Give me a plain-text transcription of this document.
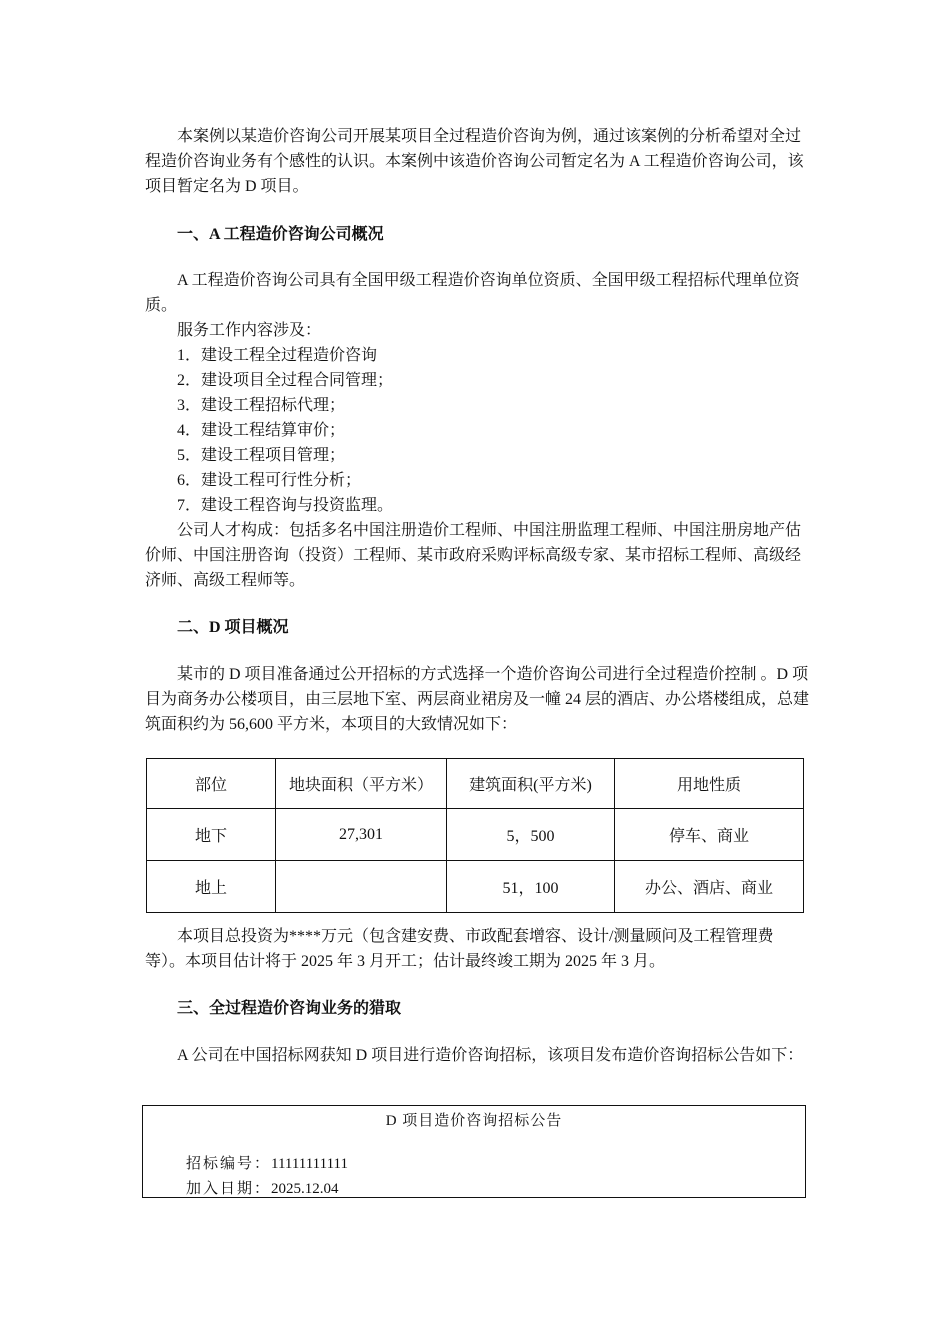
本案例以某造价咨询公司开展某项目全过程造价咨询为例，通过该案例的分析希望对全过程造价咨询业务有个感性的认识。本案例中该造价咨询公司暂定名为 A 工程造价咨询公司，该项目暂定名为 D 项目。

一、A 工程造价咨询公司概况

A 工程造价咨询公司具有全国甲级工程造价咨询单位资质、全国甲级工程招标代理单位资质。

服务工作内容涉及：

1．建设工程全过程造价咨询

2．建设项目全过程合同管理；

3．建设工程招标代理；

4．建设工程结算审价；

5．建设工程项目管理；

6．建设工程可行性分析；

7．建设工程咨询与投资监理。

公司人才构成：包括多名中国注册造价工程师、中国注册监理工程师、中国注册房地产估价师、中国注册咨询（投资）工程师、某市政府采购评标高级专家、某市招标工程师、高级经济师、高级工程师等。

二、D 项目概况

某市的 D 项目准备通过公开招标的方式选择一个造价咨询公司进行全过程造价控制 。D 项目为商务办公楼项目，由三层地下室、两层商业裙房及一幢 24 层的酒店、办公塔楼组成，总建筑面积约为 56,600 平方米，本项目的大致情况如下：

部位	地块面积（平方米）	建筑面积(平方米)	用地性质
地下	27,301	5，500	停车、商业
地上		51，100	办公、酒店、商业

本项目总投资为****万元（包含建安费、市政配套增容、设计/测量顾问及工程管理费等）。本项目估计将于 2025 年 3 月开工；估计最终竣工期为 2025 年 3 月。

三、全过程造价咨询业务的猎取

A 公司在中国招标网获知 D 项目进行造价咨询招标，该项目发布造价咨询招标公告如下：

D 项目造价咨询招标公告
招标编号：11111111111
加入日期：2025.12.04
